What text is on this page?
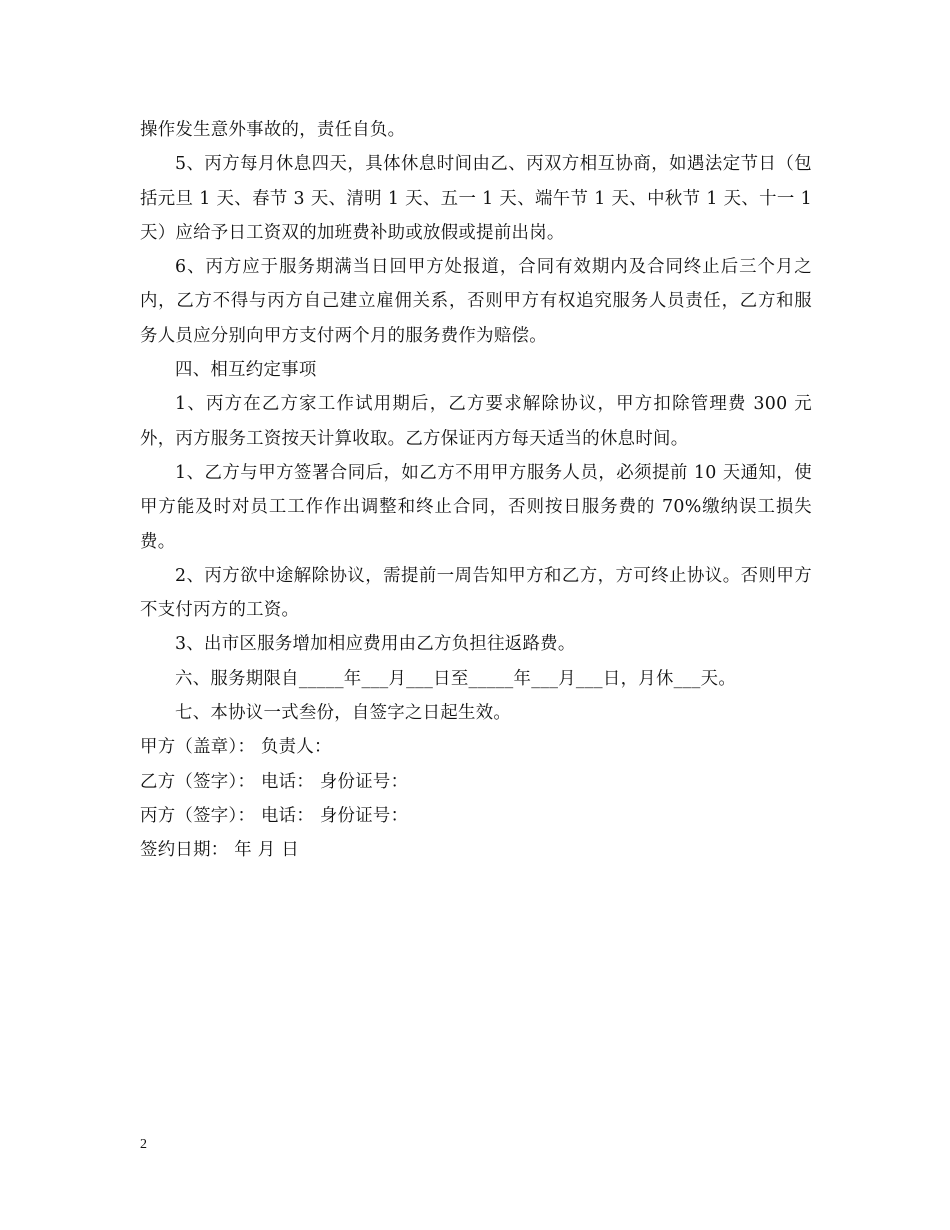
操作发生意外事故的，责任自负。

5、丙方每月休息四天，具体休息时间由乙、丙双方相互协商，如遇法定节日（包括元旦 1 天、春节 3 天、清明 1 天、五一 1 天、端午节 1 天、中秋节 1 天、十一 1 天）应给予日工资双的加班费补助或放假或提前出岗。

6、丙方应于服务期满当日回甲方处报道，合同有效期内及合同终止后三个月之内，乙方不得与丙方自己建立雇佣关系，否则甲方有权追究服务人员责任，乙方和服务人员应分别向甲方支付两个月的服务费作为赔偿。

四、相互约定事项

1、丙方在乙方家工作试用期后，乙方要求解除协议，甲方扣除管理费 300 元外，丙方服务工资按天计算收取。乙方保证丙方每天适当的休息时间。

1、乙方与甲方签署合同后，如乙方不用甲方服务人员，必须提前 10 天通知，使甲方能及时对员工工作作出调整和终止合同，否则按日服务费的 70%缴纳误工损失费。

2、丙方欲中途解除协议，需提前一周告知甲方和乙方，方可终止协议。否则甲方不支付丙方的工资。

3、出市区服务增加相应费用由乙方负担往返路费。

六、服务期限自_____年___月___日至_____年___月___日，月休___天。

七、本协议一式叁份，自签字之日起生效。

甲方（盖章）： 负责人：

乙方（签字）： 电话： 身份证号：

丙方（签字）： 电话： 身份证号：

签约日期： 年 月 日

2
